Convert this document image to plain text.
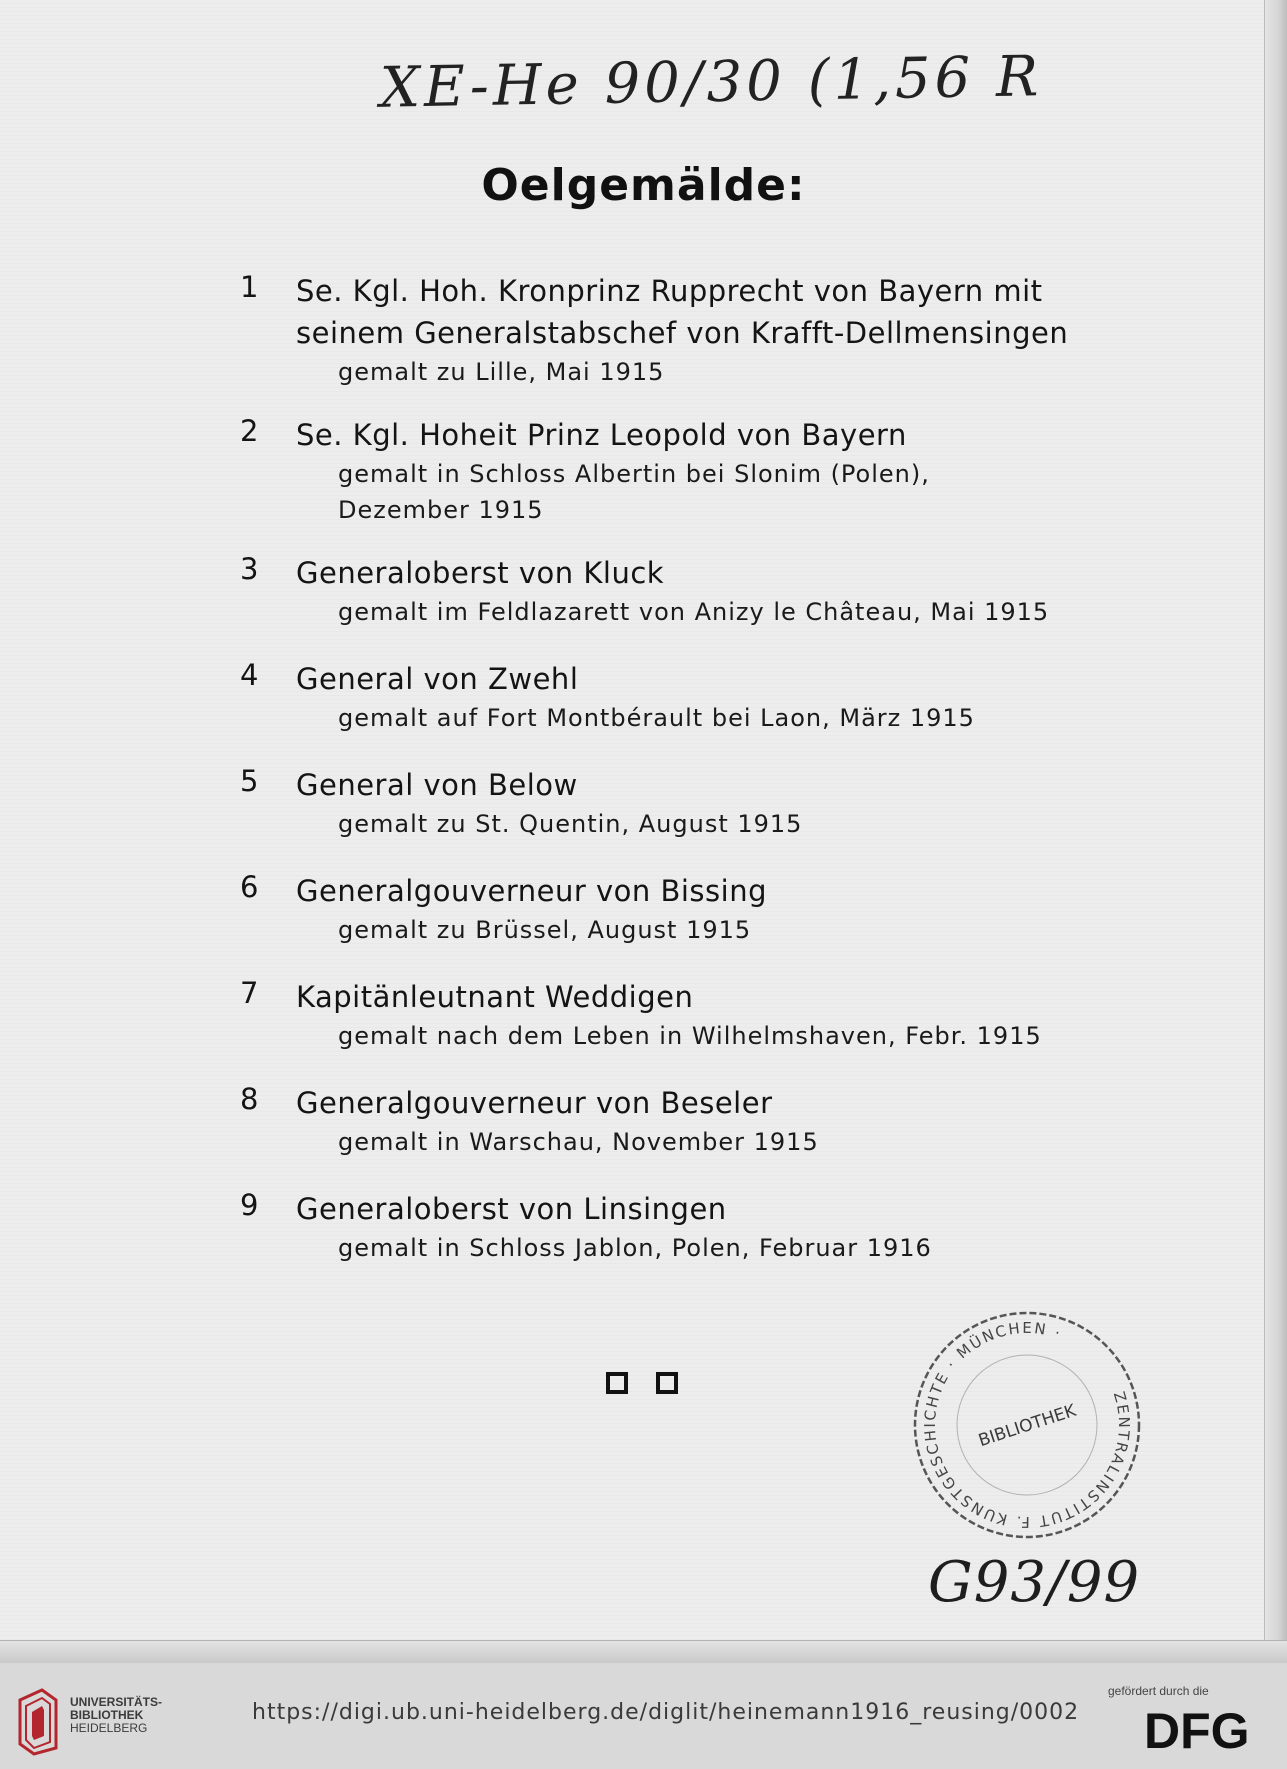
XE-He 90/30 (1,56 R
Oelgemälde:
1	Se. Kgl. Hoh. Kronprinz Rupprecht von Bayern mit
seinem Generalstabschef von Krafft-Dellmensingen
gemalt zu Lille, Mai 1915
2	Se. Kgl. Hoheit Prinz Leopold von Bayern
gemalt in Schloss Albertin bei Slonim (Polen),
Dezember 1915
3	Generaloberst von Kluck
gemalt im Feldlazarett von Anizy le Château, Mai 1915
4	General von Zwehl
gemalt auf Fort Montbérault bei Laon, März 1915
5	General von Below
gemalt zu St. Quentin, August 1915
6	Generalgouverneur von Bissing
gemalt zu Brüssel, August 1915
7	Kapitänleutnant Weddigen
gemalt nach dem Leben in Wilhelmshaven, Febr. 1915
8	Generalgouverneur von Beseler
gemalt in Warschau, November 1915
9	Generaloberst von Linsingen
gemalt in Schloss Jablon, Polen, Februar 1916
ZENTRALINSTITUT F. KUNSTGESCHICHTE · MÜNCHEN ·
BIBLIOTHEK
G93/99
UNIVERSITÄTS-
BIBLIOTHEK
HEIDELBERG
https://digi.ub.uni-heidelberg.de/diglit/heinemann1916_reusing/0002
gefördert durch die
DFG
